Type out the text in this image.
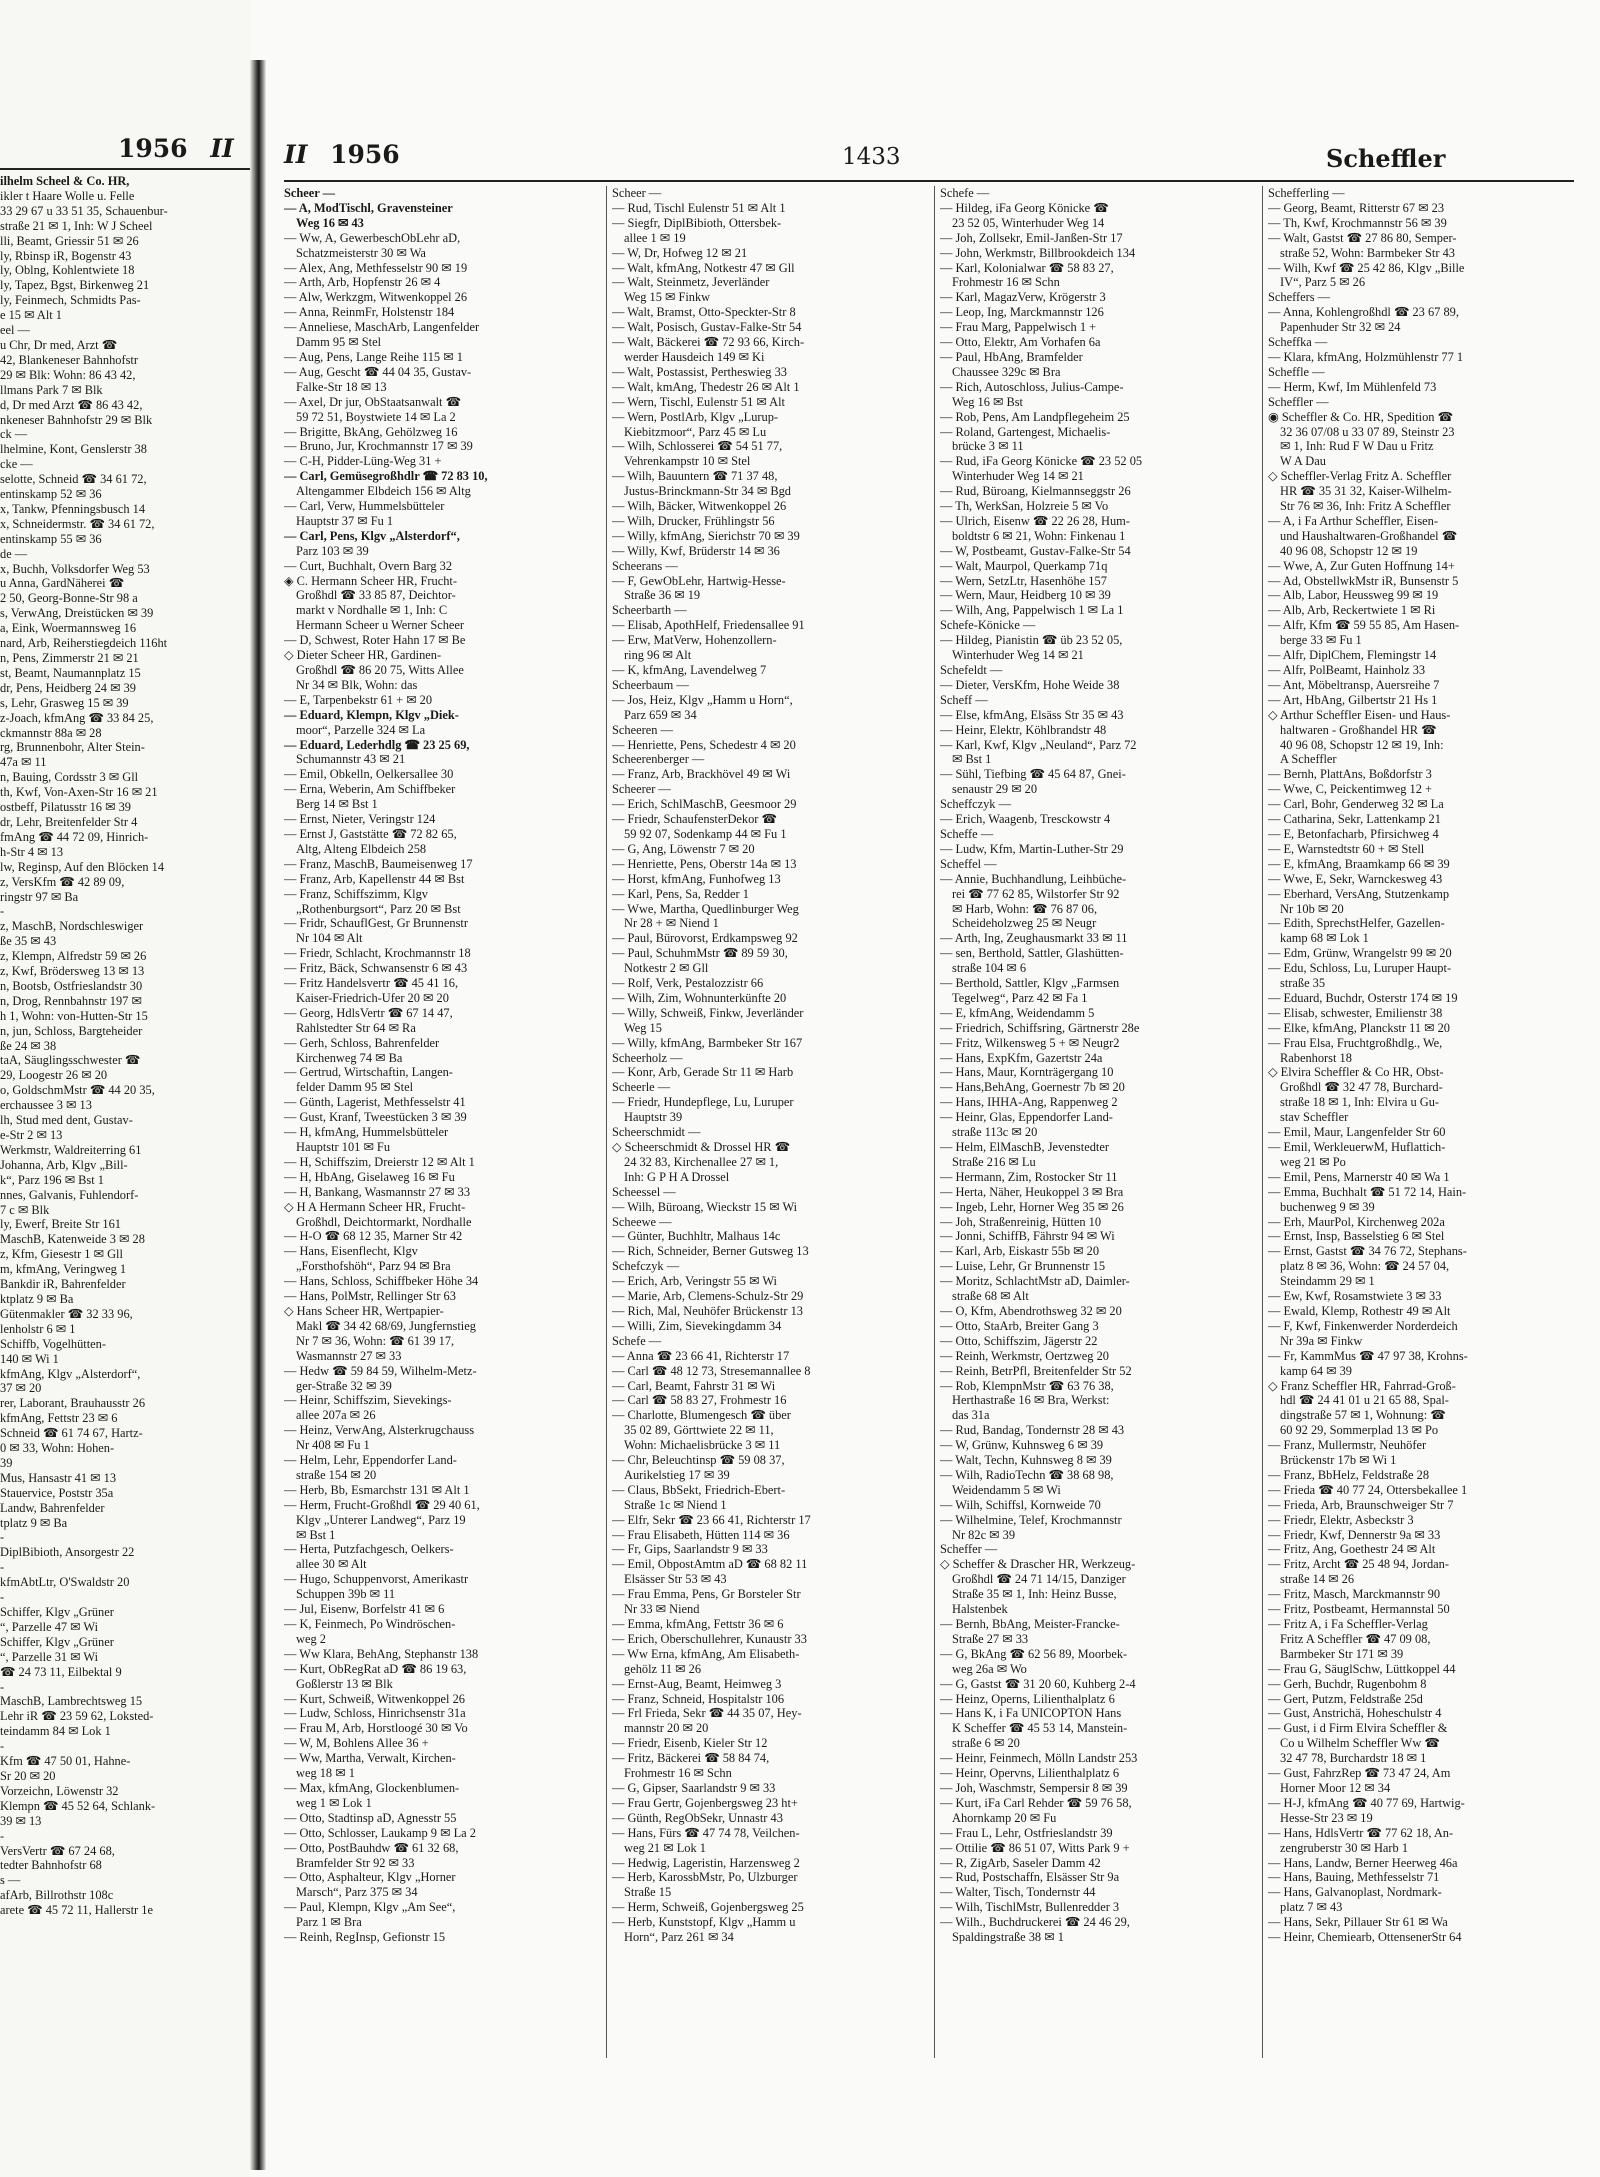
1956 II
ilhelm Scheel & Co. HR,
ikler t Haare Wolle u. Felle
33 29 67 u 33 51 35, Schauenbur-
straße 21 ✉ 1, Inh: W J Scheel
lli, Beamt, Griessir 51 ✉ 26
ly, Rbinsp iR, Bogenstr 43
ly, Oblng, Kohlentwiete 18
ly, Tapez, Bgst, Birkenweg 21
ly, Feinmech, Schmidts Pas-
e 15 ✉ Alt 1
eel —
u Chr, Dr med, Arzt ☎
42, Blankeneser Bahnhofstr
29 ✉ Blk: Wohn: 86 43 42,
llmans Park 7 ✉ Blk
d, Dr med Arzt ☎ 86 43 42,
nkeneser Bahnhofstr 29 ✉ Blk
ck —
lhelmine, Kont, Genslerstr 38
cke —
selotte, Schneid ☎ 34 61 72,
entinskamp 52 ✉ 36
x, Tankw, Pfenningsbusch 14
x, Schneidermstr. ☎ 34 61 72,
entinskamp 55 ✉ 36
de —
x, Buchh, Volksdorfer Weg 53
u Anna, GardNäherei ☎
2 50, Georg-Bonne-Str 98 a
s, VerwAng, Dreistücken ✉ 39
a, Eink, Woermannsweg 16
nard, Arb, Reiherstiegdeich 116ht
n, Pens, Zimmerstr 21 ✉ 21
st, Beamt, Naumannplatz 15
dr, Pens, Heidberg 24 ✉ 39
s, Lehr, Grasweg 15 ✉ 39
z-Joach, kfmAng ☎ 33 84 25,
ckmannstr 88a ✉ 28
rg, Brunnenbohr, Alter Stein-
47a ✉ 11
n, Bauing, Cordsstr 3 ✉ Gll
th, Kwf, Von-Axen-Str 16 ✉ 21
ostbeff, Pilatusstr 16 ✉ 39
dr, Lehr, Breitenfelder Str 4
fmAng ☎ 44 72 09, Hinrich-
h-Str 4 ✉ 13
lw, Reginsp, Auf den Blöcken 14
z, VersKfm ☎ 42 89 09,
ringstr 97 ✉ Ba
-
z, MaschB, Nordschleswiger
ße 35 ✉ 43
z, Klempn, Alfredstr 59 ✉ 26
z, Kwf, Brödersweg 13 ✉ 13
n, Bootsb, Ostfrieslandstr 30
n, Drog, Rennbahnstr 197 ✉
h 1, Wohn: von-Hutten-Str 15
n, jun, Schloss, Bargteheider
ße 24 ✉ 38
taA, Säuglingsschwester ☎
29, Loogestr 26 ✉ 20
o, GoldschmMstr ☎ 44 20 35,
erchaussee 3 ✉ 13
lh, Stud med dent, Gustav-
e-Str 2 ✉ 13
Werkmstr, Waldreiterring 61
Johanna, Arb, Klgv „Bill-
k“, Parz 196 ✉ Bst 1
nnes, Galvanis, Fuhlendorf-
7 c ✉ Blk
ly, Ewerf, Breite Str 161
MaschB, Katenweide 3 ✉ 28
z, Kfm, Giesestr 1 ✉ Gll
m, kfmAng, Veringweg 1
Bankdir iR, Bahrenfelder
ktplatz 9 ✉ Ba
Gütenmakler ☎ 32 33 96,
lenholstr 6 ✉ 1
Schiffb, Vogelhütten-
140 ✉ Wi 1
kfmAng, Klgv „Alsterdorf“,
37 ✉ 20
rer, Laborant, Brauhausstr 26
kfmAng, Fettstr 23 ✉ 6
Schneid ☎ 61 74 67, Hartz-
0 ✉ 33, Wohn: Hohen-
39
Mus, Hansastr 41 ✉ 13
Stauervice, Poststr 35a
Landw, Bahrenfelder
tplatz 9 ✉ Ba
-
DiplBibioth, Ansorgestr 22
-
kfmAbtLtr, O'Swaldstr 20
-
Schiffer, Klgv „Grüner
“, Parzelle 47 ✉ Wi
Schiffer, Klgv „Grüner
“, Parzelle 31 ✉ Wi
☎ 24 73 11, Eilbektal 9
-
MaschB, Lambrechtsweg 15
Lehr iR ☎ 23 59 62, Loksted-
teindamm 84 ✉ Lok 1
-
Kfm ☎ 47 50 01, Hahne-
Sr 20 ✉ 20
Vorzeichn, Löwenstr 32
Klempn ☎ 45 52 64, Schlank-
39 ✉ 13
-
VersVertr ☎ 67 24 68,
tedter Bahnhofstr 68
s —
afArb, Billrothstr 108c
arete ☎ 45 72 11, Hallerstr 1e
II 1956	1433	Scheffler
Scheer —
— A, ModTischl, Gravensteiner
Weg 16 ✉ 43
— Ww, A, GewerbeschObLehr aD,
Schatzmeisterstr 30 ✉ Wa
— Alex, Ang, Methfesselstr 90 ✉ 19
— Arth, Arb, Hopfenstr 26 ✉ 4
— Alw, Werkzgm, Witwenkoppel 26
— Anna, ReinmFr, Holstenstr 184
— Anneliese, MaschArb, Langenfelder
Damm 95 ✉ Stel
— Aug, Pens, Lange Reihe 115 ✉ 1
— Aug, Gescht ☎ 44 04 35, Gustav-
Falke-Str 18 ✉ 13
— Axel, Dr jur, ObStaatsanwalt ☎
59 72 51, Boystwiete 14 ✉ La 2
— Brigitte, BkAng, Gehölzweg 16
— Bruno, Jur, Krochmannstr 17 ✉ 39
— C-H, Pidder-Lüng-Weg 31 +
— Carl, Gemüsegroßhdlr ☎ 72 83 10,
Altengammer Elbdeich 156 ✉ Altg
— Carl, Verw, Hummelsbütteler
Hauptstr 37 ✉ Fu 1
— Carl, Pens, Klgv „Alsterdorf“,
Parz 103 ✉ 39
— Curt, Buchhalt, Overn Barg 32
◈ C. Hermann Scheer HR, Frucht-
Großhdl ☎ 33 85 87, Deichtor-
markt v Nordhalle ✉ 1, Inh: C
Hermann Scheer u Werner Scheer
— D, Schwest, Roter Hahn 17 ✉ Be
◇ Dieter Scheer HR, Gardinen-
Großhdl ☎ 86 20 75, Witts Allee
Nr 34 ✉ Blk, Wohn: das
— E, Tarpenbekstr 61 + ✉ 20
— Eduard, Klempn, Klgv „Diek-
moor“, Parzelle 324 ✉ La
— Eduard, Lederhdlg ☎ 23 25 69,
Schumannstr 43 ✉ 21
— Emil, Obkelln, Oelkersallee 30
— Erna, Weberin, Am Schiffbeker
Berg 14 ✉ Bst 1
— Ernst, Nieter, Veringstr 124
— Ernst J, Gaststätte ☎ 72 82 65,
Altg, Alteng Elbdeich 258
— Franz, MaschB, Baumeisenweg 17
— Franz, Arb, Kapellenstr 44 ✉ Bst
— Franz, Schiffszimm, Klgv
„Rothenburgsort“, Parz 20 ✉ Bst
— Fridr, SchauflGest, Gr Brunnenstr
Nr 104 ✉ Alt
— Friedr, Schlacht, Krochmannstr 18
— Fritz, Bäck, Schwansenstr 6 ✉ 43
— Fritz Handelsvertr ☎ 45 41 16,
Kaiser-Friedrich-Ufer 20 ✉ 20
— Georg, HdlsVertr ☎ 67 14 47,
Rahlstedter Str 64 ✉ Ra
— Gerh, Schloss, Bahrenfelder
Kirchenweg 74 ✉ Ba
— Gertrud, Wirtschaftin, Langen-
felder Damm 95 ✉ Stel
— Günth, Lagerist, Methfesselstr 41
— Gust, Kranf, Tweestücken 3 ✉ 39
— H, kfmAng, Hummelsbütteler
Hauptstr 101 ✉ Fu
— H, Schiffszim, Dreierstr 12 ✉ Alt 1
— H, HbAng, Giselaweg 16 ✉ Fu
— H, Bankang, Wasmannstr 27 ✉ 33
◇ H A Hermann Scheer HR, Frucht-
Großhdl, Deichtormarkt, Nordhalle
— H-O ☎ 68 12 35, Marner Str 42
— Hans, Eisenflecht, Klgv
„Forsthofshöh“, Parz 94 ✉ Bra
— Hans, Schloss, Schiffbeker Höhe 34
— Hans, PolMstr, Rellinger Str 63
◇ Hans Scheer HR, Wertpapier-
Makl ☎ 34 42 68/69, Jungfernstieg
Nr 7 ✉ 36, Wohn: ☎ 61 39 17,
Wasmannstr 27 ✉ 33
— Hedw ☎ 59 84 59, Wilhelm-Metz-
ger-Straße 32 ✉ 39
— Heinr, Schiffszim, Sievekings-
allee 207a ✉ 26
— Heinz, VerwAng, Alsterkrugchauss
Nr 408 ✉ Fu 1
— Helm, Lehr, Eppendorfer Land-
straße 154 ✉ 20
— Herb, Bb, Esmarchstr 131 ✉ Alt 1
— Herm, Frucht-Großhdl ☎ 29 40 61,
Klgv „Unterer Landweg“, Parz 19
✉ Bst 1
— Herta, Putzfachgesch, Oelkers-
allee 30 ✉ Alt
— Hugo, Schuppenvorst, Amerikastr
Schuppen 39b ✉ 11
— Jul, Eisenw, Borfelstr 41 ✉ 6
— K, Feinmech, Po Windröschen-
weg 2
— Ww Klara, BehAng, Stephanstr 138
— Kurt, ObRegRat aD ☎ 86 19 63,
Goßlerstr 13 ✉ Blk
— Kurt, Schweiß, Witwenkoppel 26
— Ludw, Schloss, Hinrichsenstr 31a
— Frau M, Arb, Horstloogé 30 ✉ Vo
— W, M, Bohlens Allee 36 +
— Ww, Martha, Verwalt, Kirchen-
weg 18 ✉ 1
— Max, kfmAng, Glockenblumen-
weg 1 ✉ Lok 1
— Otto, Stadtinsp aD, Agnesstr 55
— Otto, Schlosser, Laukamp 9 ✉ La 2
— Otto, PostBauhdw ☎ 61 32 68,
Bramfelder Str 92 ✉ 33
— Otto, Asphalteur, Klgv „Horner
Marsch“, Parz 375 ✉ 34
— Paul, Klempn, Klgv „Am See“,
Parz 1 ✉ Bra
— Reinh, RegInsp, Gefionstr 15
Scheer —
— Rud, Tischl Eulenstr 51 ✉ Alt 1
— Siegfr, DiplBibioth, Ottersbek-
allee 1 ✉ 19
— W, Dr, Hofweg 12 ✉ 21
— Walt, kfmAng, Notkestr 47 ✉ Gll
— Walt, Steinmetz, Jeverländer
Weg 15 ✉ Finkw
— Walt, Bramst, Otto-Speckter-Str 8
— Walt, Posisch, Gustav-Falke-Str 54
— Walt, Bäckerei ☎ 72 93 66, Kirch-
werder Hausdeich 149 ✉ Ki
— Walt, Postassist, Pertheswieg 33
— Walt, kmAng, Thedestr 26 ✉ Alt 1
— Wern, Tischl, Eulenstr 51 ✉ Alt
— Wern, PostlArb, Klgv „Lurup-
Kiebitzmoor“, Parz 45 ✉ Lu
— Wilh, Schlosserei ☎ 54 51 77,
Vehrenkampstr 10 ✉ Stel
— Wilh, Bauuntern ☎ 71 37 48,
Justus-Brinckmann-Str 34 ✉ Bgd
— Wilh, Bäcker, Witwenkoppel 26
— Wilh, Drucker, Frühlingstr 56
— Willy, kfmAng, Sierichstr 70 ✉ 39
— Willy, Kwf, Brüderstr 14 ✉ 36
Scheerans —
— F, GewObLehr, Hartwig-Hesse-
Straße 36 ✉ 19
Scheerbarth —
— Elisab, ApothHelf, Friedensallee 91
— Erw, MatVerw, Hohenzollern-
ring 96 ✉ Alt
— K, kfmAng, Lavendelweg 7
Scheerbaum —
— Jos, Heiz, Klgv „Hamm u Horn“,
Parz 659 ✉ 34
Scheeren —
— Henriette, Pens, Schedestr 4 ✉ 20
Scheerenberger —
— Franz, Arb, Brackhövel 49 ✉ Wi
Scheerer —
— Erich, SchlMaschB, Geesmoor 29
— Friedr, SchaufensterDekor ☎
59 92 07, Sodenkamp 44 ✉ Fu 1
— G, Ang, Löwenstr 7 ✉ 20
— Henriette, Pens, Oberstr 14a ✉ 13
— Horst, kfmAng, Funhofweg 13
— Karl, Pens, Sa, Redder 1
— Wwe, Martha, Quedlinburger Weg
Nr 28 + ✉ Niend 1
— Paul, Bürovorst, Erdkampsweg 92
— Paul, SchuhmMstr ☎ 89 59 30,
Notkestr 2 ✉ Gll
— Rolf, Verk, Pestalozzistr 66
— Wilh, Zim, Wohnunterkünfte 20
— Willy, Schweiß, Finkw, Jeverländer
Weg 15
— Willy, kfmAng, Barmbeker Str 167
Scheerholz —
— Konr, Arb, Gerade Str 11 ✉ Harb
Scheerle —
— Friedr, Hundepflege, Lu, Luruper
Hauptstr 39
Scheerschmidt —
◇ Scheerschmidt & Drossel HR ☎
24 32 83, Kirchenallee 27 ✉ 1,
Inh: G P H A Drossel
Scheessel —
— Wilh, Büroang, Wieckstr 15 ✉ Wi
Scheewe —
— Günter, Buchhltr, Malhaus 14c
— Rich, Schneider, Berner Gutsweg 13
Schefczyk —
— Erich, Arb, Veringstr 55 ✉ Wi
— Marie, Arb, Clemens-Schulz-Str 29
— Rich, Mal, Neuhöfer Brückenstr 13
— Willi, Zim, Sievekingdamm 34
Schefe —
— Anna ☎ 23 66 41, Richterstr 17
— Carl ☎ 48 12 73, Stresemannallee 8
— Carl, Beamt, Fahrstr 31 ✉ Wi
— Carl ☎ 58 83 27, Frohmestr 16
— Charlotte, Blumengesch ☎ über
35 02 89, Görttwiete 22 ✉ 11,
Wohn: Michaelisbrücke 3 ✉ 11
— Chr, Beleuchtinsp ☎ 59 08 37,
Aurikelstieg 17 ✉ 39
— Claus, BbSekt, Friedrich-Ebert-
Straße 1c ✉ Niend 1
— Elfr, Sekr ☎ 23 66 41, Richterstr 17
— Frau Elisabeth, Hütten 114 ✉ 36
— Fr, Gips, Saarlandstr 9 ✉ 33
— Emil, ObpostAmtm aD ☎ 68 82 11
Elsässer Str 53 ✉ 43
— Frau Emma, Pens, Gr Borsteler Str
Nr 33 ✉ Niend
— Emma, kfmAng, Fettstr 36 ✉ 6
— Erich, Oberschullehrer, Kunaustr 33
— Ww Erna, kfmAng, Am Elisabeth-
gehölz 11 ✉ 26
— Ernst-Aug, Beamt, Heimweg 3
— Franz, Schneid, Hospitalstr 106
— Frl Frieda, Sekr ☎ 44 35 07, Hey-
mannstr 20 ✉ 20
— Friedr, Eisenb, Kieler Str 12
— Fritz, Bäckerei ☎ 58 84 74,
Frohmestr 16 ✉ Schn
— G, Gipser, Saarlandstr 9 ✉ 33
— Frau Gertr, Gojenbergsweg 23 ht+
— Günth, RegObSekr, Unnastr 43
— Hans, Fürs ☎ 47 74 78, Veilchen-
weg 21 ✉ Lok 1
— Hedwig, Lageristin, Harzensweg 2
— Herb, KarossbMstr, Po, Ulzburger
Straße 15
— Herm, Schweiß, Gojenbergsweg 25
— Herb, Kunststopf, Klgv „Hamm u
Horn“, Parz 261 ✉ 34
Schefe —
— Hildeg, iFa Georg Könicke ☎
23 52 05, Winterhuder Weg 14
— Joh, Zollsekr, Emil-Janßen-Str 17
— John, Werkmstr, Billbrookdeich 134
— Karl, Kolonialwar ☎ 58 83 27,
Frohmestr 16 ✉ Schn
— Karl, MagazVerw, Krögerstr 3
— Leop, Ing, Marckmannstr 126
— Frau Marg, Pappelwisch 1 +
— Otto, Elektr, Am Vorhafen 6a
— Paul, HbAng, Bramfelder
Chaussee 329c ✉ Bra
— Rich, Autoschloss, Julius-Campe-
Weg 16 ✉ Bst
— Rob, Pens, Am Landpflegeheim 25
— Roland, Gartengest, Michaelis-
brücke 3 ✉ 11
— Rud, iFa Georg Könicke ☎ 23 52 05
Winterhuder Weg 14 ✉ 21
— Rud, Büroang, Kielmannseggstr 26
— Th, WerkSan, Holzreie 5 ✉ Vo
— Ulrich, Eisenw ☎ 22 26 28, Hum-
boldtstr 6 ✉ 21, Wohn: Finkenau 1
— W, Postbeamt, Gustav-Falke-Str 54
— Walt, Maurpol, Querkamp 71q
— Wern, SetzLtr, Hasenhöhe 157
— Wern, Maur, Heidberg 10 ✉ 39
— Wilh, Ang, Pappelwisch 1 ✉ La 1
Schefe-Könicke —
— Hildeg, Pianistin ☎ üb 23 52 05,
Winterhuder Weg 14 ✉ 21
Schefeldt —
— Dieter, VersKfm, Hohe Weide 38
Scheff —
— Else, kfmAng, Elsäss Str 35 ✉ 43
— Heinr, Elektr, Köhlbrandstr 48
— Karl, Kwf, Klgv „Neuland“, Parz 72
✉ Bst 1
— Sühl, Tiefbing ☎ 45 64 87, Gnei-
senaustr 29 ✉ 20
Scheffczyk —
— Erich, Waagenb, Tresckowstr 4
Scheffe —
— Ludw, Kfm, Martin-Luther-Str 29
Scheffel —
— Annie, Buchhandlung, Leihbüche-
rei ☎ 77 62 85, Wilstorfer Str 92
✉ Harb, Wohn: ☎ 76 87 06,
Scheideholzweg 25 ✉ Neugr
— Arth, Ing, Zeughausmarkt 33 ✉ 11
— sen, Berthold, Sattler, Glashütten-
straße 104 ✉ 6
— Berthold, Sattler, Klgv „Farmsen
Tegelweg“, Parz 42 ✉ Fa 1
— E, kfmAng, Weidendamm 5
— Friedrich, Schiffsring, Gärtnerstr 28e
— Fritz, Wilkensweg 5 + ✉ Neugr2
— Hans, ExpKfm, Gazertstr 24a
— Hans, Maur, Kornträgergang 10
— Hans,BehAng, Goernestr 7b ✉ 20
— Hans, IHHA-Ang, Rappenweg 2
— Heinr, Glas, Eppendorfer Land-
straße 113c ✉ 20
— Helm, ElMaschB, Jevenstedter
Straße 216 ✉ Lu
— Hermann, Zim, Rostocker Str 11
— Herta, Näher, Heukoppel 3 ✉ Bra
— Ingeb, Lehr, Horner Weg 35 ✉ 26
— Joh, Straßenreinig, Hütten 10
— Jonni, SchiffB, Fährstr 94 ✉ Wi
— Karl, Arb, Eiskastr 55b ✉ 20
— Luise, Lehr, Gr Brunnenstr 15
— Moritz, SchlachtMstr aD, Daimler-
straße 68 ✉ Alt
— O, Kfm, Abendrothsweg 32 ✉ 20
— Otto, StaArb, Breiter Gang 3
— Otto, Schiffszim, Jägerstr 22
— Reinh, Werkmstr, Oertzweg 20
— Reinh, BetrPfl, Breitenfelder Str 52
— Rob, KlempnMstr ☎ 63 76 38,
Herthastraße 16 ✉ Bra, Werkst:
das 31a
— Rud, Bandag, Tondernstr 28 ✉ 43
— W, Grünw, Kuhnsweg 6 ✉ 39
— Walt, Techn, Kuhnsweg 8 ✉ 39
— Wilh, RadioTechn ☎ 38 68 98,
Weidendamm 5 ✉ Wi
— Wilh, Schiffsl, Kornweide 70
— Wilhelmine, Telef, Krochmannstr
Nr 82c ✉ 39
Scheffer —
◇ Scheffer & Drascher HR, Werkzeug-
Großhdl ☎ 24 71 14/15, Danziger
Straße 35 ✉ 1, Inh: Heinz Busse,
Halstenbek
— Bernh, BbAng, Meister-Francke-
Straße 27 ✉ 33
— G, BkAng ☎ 62 56 89, Moorbek-
weg 26a ✉ Wo
— G, Gastst ☎ 31 20 60, Kuhberg 2-4
— Heinz, Operns, Lilienthalplatz 6
— Hans K, i Fa UNICOPTON Hans
K Scheffer ☎ 45 53 14, Manstein-
straße 6 ✉ 20
— Heinr, Feinmech, Mölln Landstr 253
— Heinr, Opervns, Lilienthalplatz 6
— Joh, Waschmstr, Sempersir 8 ✉ 39
— Kurt, iFa Carl Rehder ☎ 59 76 58,
Ahornkamp 20 ✉ Fu
— Frau L, Lehr, Ostfrieslandstr 39
— Ottilie ☎ 86 51 07, Witts Park 9 +
— R, ZigArb, Saseler Damm 42
— Rud, Postschaffn, Elsässer Str 9a
— Walter, Tisch, Tondernstr 44
— Wilh, TischlMstr, Bullenredder 3
— Wilh., Buchdruckerei ☎ 24 46 29,
Spaldingstraße 38 ✉ 1
Schefferling —
— Georg, Beamt, Ritterstr 67 ✉ 23
— Th, Kwf, Krochmannstr 56 ✉ 39
— Walt, Gastst ☎ 27 86 80, Semper-
straße 52, Wohn: Barmbeker Str 43
— Wilh, Kwf ☎ 25 42 86, Klgv „Bille
IV“, Parz 5 ✉ 26
Scheffers —
— Anna, Kohlengroßhdl ☎ 23 67 89,
Papenhuder Str 32 ✉ 24
Scheffka —
— Klara, kfmAng, Holzmühlenstr 77 1
Scheffle —
— Herm, Kwf, Im Mühlenfeld 73
Scheffler —
◉ Scheffler & Co. HR, Spedition ☎
32 36 07/08 u 33 07 89, Steinstr 23
✉ 1, Inh: Rud F W Dau u Fritz
W A Dau
◇ Scheffler-Verlag Fritz A. Scheffler
HR ☎ 35 31 32, Kaiser-Wilhelm-
Str 76 ✉ 36, Inh: Fritz A Scheffler
— A, i Fa Arthur Scheffler, Eisen-
und Haushaltwaren-Großhandel ☎
40 96 08, Schopstr 12 ✉ 19
— Wwe, A, Zur Guten Hoffnung 14+
— Ad, ObstellwkMstr iR, Bunsenstr 5
— Alb, Labor, Heussweg 99 ✉ 19
— Alb, Arb, Reckertwiete 1 ✉ Ri
— Alfr, Kfm ☎ 59 55 85, Am Hasen-
berge 33 ✉ Fu 1
— Alfr, DiplChem, Flemingstr 14
— Alfr, PolBeamt, Hainholz 33
— Ant, Möbeltransp, Auersreihe 7
— Art, HbAng, Gilbertstr 21 Hs 1
◇ Arthur Scheffler Eisen- und Haus-
haltwaren - Großhandel HR ☎
40 96 08, Schopstr 12 ✉ 19, Inh:
A Scheffler
— Bernh, PlattAns, Boßdorfstr 3
— Wwe, C, Peickentimweg 12 +
— Carl, Bohr, Genderweg 32 ✉ La
— Catharina, Sekr, Lattenkamp 21
— E, Betonfacharb, Pfirsichweg 4
— E, Warnstedtstr 60 + ✉ Stell
— E, kfmAng, Braamkamp 66 ✉ 39
— Wwe, E, Sekr, Warnckesweg 43
— Eberhard, VersAng, Stutzenkamp
Nr 10b ✉ 20
— Edith, SprechstHelfer, Gazellen-
kamp 68 ✉ Lok 1
— Edm, Grünw, Wrangelstr 99 ✉ 20
— Edu, Schloss, Lu, Luruper Haupt-
straße 35
— Eduard, Buchdr, Osterstr 174 ✉ 19
— Elisab, schwester, Emilienstr 38
— Elke, kfmAng, Planckstr 11 ✉ 20
— Frau Elsa, Fruchtgroßhdlg., We,
Rabenhorst 18
◇ Elvira Scheffler & Co HR, Obst-
Großhdl ☎ 32 47 78, Burchard-
straße 18 ✉ 1, Inh: Elvira u Gu-
stav Scheffler
— Emil, Maur, Langenfelder Str 60
— Emil, WerkleuerwM, Huflattich-
weg 21 ✉ Po
— Emil, Pens, Marnerstr 40 ✉ Wa 1
— Emma, Buchhalt ☎ 51 72 14, Hain-
buchenweg 9 ✉ 39
— Erh, MaurPol, Kirchenweg 202a
— Ernst, Insp, Basselstieg 6 ✉ Stel
— Ernst, Gastst ☎ 34 76 72, Stephans-
platz 8 ✉ 36, Wohn: ☎ 24 57 04,
Steindamm 29 ✉ 1
— Ew, Kwf, Rosamstwiete 3 ✉ 33
— Ewald, Klemp, Rothestr 49 ✉ Alt
— F, Kwf, Finkenwerder Norderdeich
Nr 39a ✉ Finkw
— Fr, KammMus ☎ 47 97 38, Krohns-
kamp 64 ✉ 39
◇ Franz Scheffler HR, Fahrrad-Groß-
hdl ☎ 24 41 01 u 21 65 88, Spal-
dingstraße 57 ✉ 1, Wohnung: ☎
60 92 29, Sommerplad 13 ✉ Po
— Franz, Mullermstr, Neuhöfer
Brückenstr 17b ✉ Wi 1
— Franz, BbHelz, Feldstraße 28
— Frieda ☎ 40 77 24, Ottersbekallee 1
— Frieda, Arb, Braunschweiger Str 7
— Friedr, Elektr, Asbeckstr 3
— Friedr, Kwf, Dennerstr 9a ✉ 33
— Fritz, Ang, Goethestr 24 ✉ Alt
— Fritz, Archt ☎ 25 48 94, Jordan-
straße 14 ✉ 26
— Fritz, Masch, Marckmannstr 90
— Fritz, Postbeamt, Hermannstal 50
— Fritz A, i Fa Scheffler-Verlag
Fritz A Scheffler ☎ 47 09 08,
Barmbeker Str 171 ✉ 39
— Frau G, SäuglSchw, Lüttkoppel 44
— Gerh, Buchdr, Rugenbohm 8
— Gert, Putzm, Feldstraße 25d
— Gust, Anstrichä, Hoheschulstr 4
— Gust, i d Firm Elvira Scheffler &
Co u Wilhelm Scheffler Ww ☎
32 47 78, Burchardstr 18 ✉ 1
— Gust, FahrzRep ☎ 73 47 24, Am
Horner Moor 12 ✉ 34
— H-J, kfmAng ☎ 40 77 69, Hartwig-
Hesse-Str 23 ✉ 19
— Hans, HdlsVertr ☎ 77 62 18, An-
zengruberstr 30 ✉ Harb 1
— Hans, Landw, Berner Heerweg 46a
— Hans, Bauing, Methfesselstr 71
— Hans, Galvanoplast, Nordmark-
platz 7 ✉ 43
— Hans, Sekr, Pillauer Str 61 ✉ Wa
— Heinr, Chemiearb, OttensenerStr 64
